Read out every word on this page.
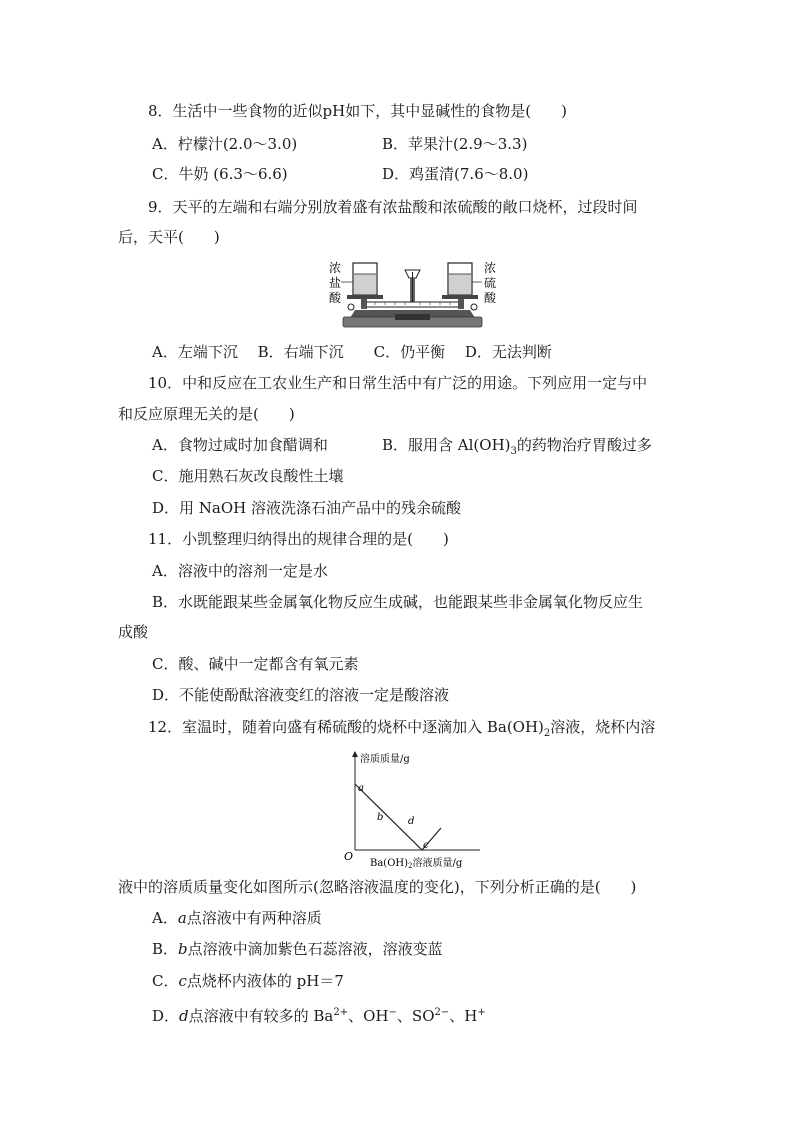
8．生活中一些食物的近似pH如下，其中显碱性的食物是(　　)
A．柠檬汁(2.0～3.0)	B．苹果汁(2.9～3.3)
C．牛奶 (6.3～6.6)	D．鸡蛋清(7.6～8.0)
9．天平的左端和右端分别放着盛有浓盐酸和浓硫酸的敞口烧杯，过段时间
后，天平(　　)
浓
盐
酸
浓
硫
酸
A．左端下沉　 B．右端下沉　　C．仍平衡　 D．无法判断
10．中和反应在工农业生产和日常生活中有广泛的用途。下列应用一定与中
和反应原理无关的是(　　)
A．食物过咸时加食醋调和	B．服用含 $Al(OH)_3$的药物治疗胃酸过多
C．施用熟石灰改良酸性土壤
D．用 NaOH 溶液洗涤石油产品中的残余硫酸
11．小凯整理归纳得出的规律合理的是(　　)
A．溶液中的溶剂一定是水
B．水既能跟某些金属氧化物反应生成碱，也能跟某些非金属氧化物反应生
成酸
C．酸、碱中一定都含有氧元素
D．不能使酚酞溶液变红的溶液一定是酸溶液
12．室温时，随着向盛有稀硫酸的烧杯中逐滴加入 $Ba(OH)_2$溶液，烧杯内溶
溶质质量/g
O
a
b
c
d
$Ba(OH)_2$溶液质量/g
液中的溶质质量变化如图所示(忽略溶液温度的变化)，下列分析正确的是(　　)
A．a点溶液中有两种溶质
B．b点溶液中滴加紫色石蕊溶液，溶液变蓝
C．c点烧杯内液体的 pH＝7
D．d点溶液中有较多的 $Ba^{2+}$、OH−、$SO^{2-}$、H+
